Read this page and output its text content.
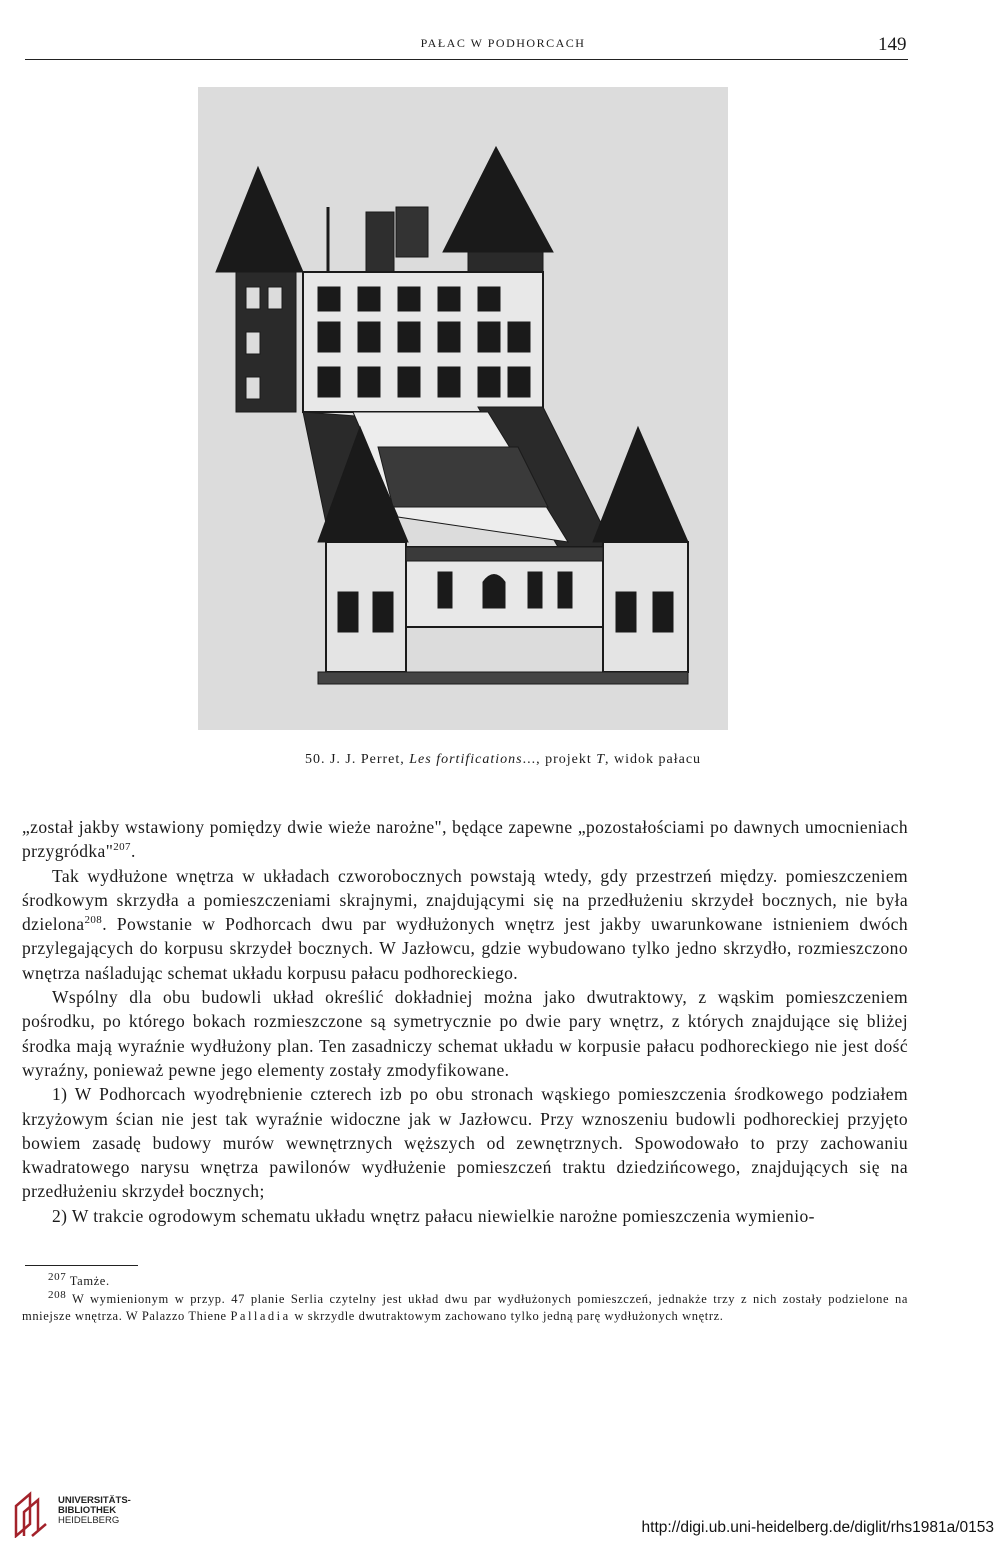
PAŁAC W PODHORCACH	149
50. J. J. Perret, Les fortifications..., projekt T, widok pałacu

„został jakby wstawiony pomiędzy dwie wieże narożne", będące zapewne „pozostałościami po dawnych umocnieniach przygródka"$^{207}$.

Tak wydłużone wnętrza w układach czworobocznych powstają wtedy, gdy przestrzeń między. pomieszczeniem środkowym skrzydła a pomieszczeniami skrajnymi, znajdującymi się na przedłużeniu skrzydeł bocznych, nie była dzielona$^{208}$. Powstanie w Podhorcach dwu par wydłużonych wnętrz jest jakby uwarunkowane istnieniem dwóch przylegających do korpusu skrzydeł bocznych. W Jazłowcu, gdzie wybudowano tylko jedno skrzydło, rozmieszczono wnętrza naśladując schemat układu korpusu pałacu podhoreckiego.

Wspólny dla obu budowli układ określić dokładniej można jako dwutraktowy, z wąskim pomieszczeniem pośrodku, po którego bokach rozmieszczone są symetrycznie po dwie pary wnętrz, z których znajdujące się bliżej środka mają wyraźnie wydłużony plan. Ten zasadniczy schemat układu w korpusie pałacu podhoreckiego nie jest dość wyraźny, ponieważ pewne jego elementy zostały zmodyfikowane.

1) W Podhorcach wyodrębnienie czterech izb po obu stronach wąskiego pomieszczenia środkowego podziałem krzyżowym ścian nie jest tak wyraźnie widoczne jak w Jazłowcu. Przy wznoszeniu budowli podhoreckiej przyjęto bowiem zasadę budowy murów wewnętrznych węższych od zewnętrznych. Spowodowało to przy zachowaniu kwadratowego narysu wnętrza pawilonów wydłużenie pomieszczeń traktu dziedzińcowego, znajdujących się na przedłużeniu skrzydeł bocznych;

2) W trakcie ogrodowym schematu układu wnętrz pałacu niewielkie narożne pomieszczenia wymienio-

$^{207}$ Tamże.

$^{208}$ W wymienionym w przyp. 47 planie Serlia czytelny jest układ dwu par wydłużonych pomieszczeń, jednakże trzy z nich zostały podzielone na mniejsze wnętrza. W Palazzo Thiene Palladia w skrzydle dwutraktowym zachowano tylko jedną parę wydłużonych wnętrz.

UNIVERSITÄTS-
BIBLIOTHEK
HEIDELBERG	http://digi.ub.uni-heidelberg.de/diglit/rhs1981a/0153
